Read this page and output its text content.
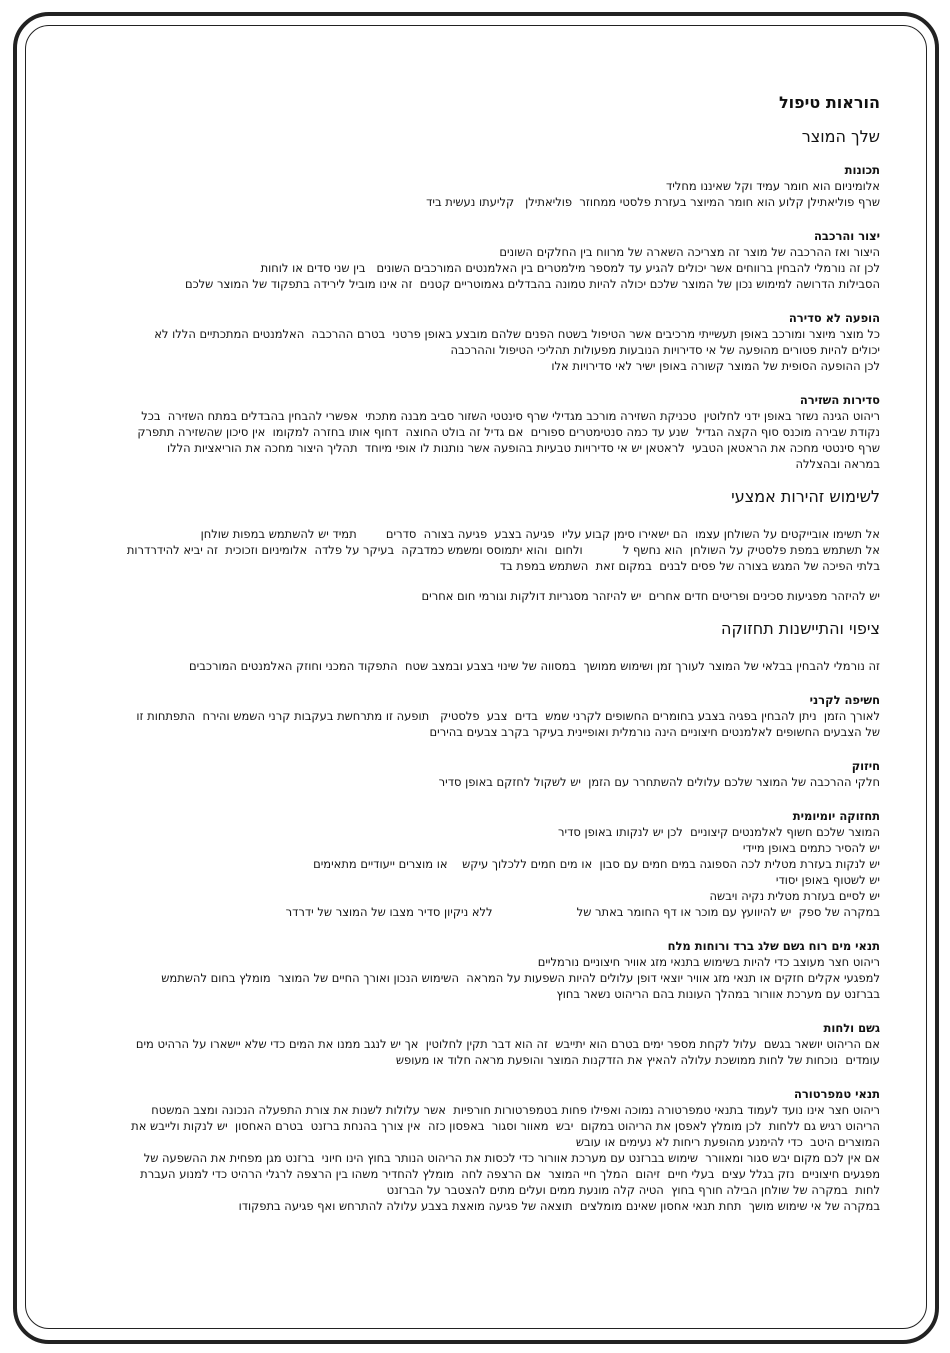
הוראות טיפול

שלך המוצר

תכונות

אלומיניום הוא חומר עמיד וקל שאיננו מחליד

שרף פוליאתילן קלוע הוא חומר המיוצר בעזרת פלסטי ממחוזר  פוליאתילן   קליעתו נעשית ביד

יצור והרכבה

היצור ואז ההרכבה של מוצר זה מצריכה השארה של מרווח בין החלקים השונים

לכן זה נורמלי להבחין ברווחים אשר יכולים להגיע עד למספר מילמטרים בין האלמנטים המורכבים השונים   בין שני סדים או לוחות

הסבילות הדרושה למימוש נכון של המוצר שלכם יכולה להיות טמונה בהבדלים גאמוטריים קטנים  זה אינו מוביל לירידה בתפקוד של המוצר שלכם

הופעה לא סדירה

כל מוצר מיוצר ומורכב באופן תעשייתי מרכיבים אשר הטיפול בשטח הפנים שלהם מובצע באופן פרטני  בטרם ההרכבה  האלמנטים המתכתיים הללו לא

יכולים להיות פטורים מהופעה של אי סדירויות הנובעות מפעולות תהליכי הטיפול וההרכבה

לכן ההופעה הסופית של המוצר קשורה באופן ישיר לאי סדירויות אלו

סדירות השזירה

ריהוט הגינה נשזר באופן ידני לחלוטין  טכניקת השזירה מורכב מגדילי שרף סינטטי השזור סביב מבנה מתכתי  אפשרי להבחין בהבדלים במתח השזירה  בכל

נקודת שבירה מוכנס סוף הקצה הגדיל  שנע עד כמה סנטימטרים ספורים  אם גדיל זה בולט החוצה  דחוף אותו בחזרה למקומו  אין סיכון שהשזירה תתפרק

שרף סינטטי מחכה את הראטאן הטבעי  לראטאן יש אי סדירויות טבעיות בהופעה אשר נותנות לו אופי מיוחד  תהליך היצור מחכה את הוריאציות הללו

במראה ובהצללה

לשימוש זהירות אמצעי

אל תשימו אובייקטים על השולחן עצמו  הם ישאירו סימן קבוע עליו  פגיעה בצבע  פגיעה בצורה  סדרים        תמיד יש להשתמש במפות שולחן

אל תשתמש במפת פלסטיק על השולחן  הוא נחשף ל           ולחום  והוא יתמוסס ומשמש כמדבקה  בעיקר על פלדה  אלומיניום וזכוכית  זה יביא להידרדרות

בלתי הפיכה של המגש בצורה של פסים לבנים  במקום זאת  השתמש במפת בד

יש להיזהר מפגיעות סכינים ופריטים חדים אחרים  יש להיזהר מסגריות דולקות וגורמי חום אחרים

ציפוי והתיישנות תחזוקה

זה נורמלי להבחין בבלאי של המוצר לעורך זמן ושימוש ממושך  במסווה של שינוי בצבע ובמצב שטח  התפקוד המכני וחוזק האלמנטים המורכבים

חשיפה לקרני

לאורך הזמן  ניתן להבחין בפגיה בצבע בחומרים החשופים לקרני שמש  בדים  צבע  פלסטיק   תופעה זו מתרחשת בעקבות קרני השמש והירח  התפתחות זו

של הצבעים החשופים לאלמנטים חיצוניים הינה נורמלית ואופיינית בעיקר בקרב צבעים בהירים

חיזוק

חלקי ההרכבה של המוצר שלכם עלולים להשתחרר עם הזמן  יש לשקול לחזקם באופן סדיר

תחזוקה יומיומית

המוצר שלכם חשוף לאלמנטים קיצוניים  לכן יש לנקותו באופן סדיר

יש להסיר כתמים באופן מיידי

יש לנקות בעזרת מטלית לכה הספוגה במים חמים עם סבון  או מים חמים ללכלוך עיקש    או מוצרים ייעודיים מתאימים

יש לשטוף באופן יסודי

יש לסיים בעזרת מטלית נקיה ויבשה

במקרה של ספק  יש להיוועץ עם מוכר או דף החומר באתר של                       ללא ניקיון סדיר מצבו של המוצר של ידרדר

תנאי מים רוח גשם שלג ברד ורוחות מלח

ריהוט חצר מעוצב כדי להיות בשימוש בתנאי מזג אוויר חיצוניים נורמליים

למפגעי אקלים חזקים או תנאי מזג אוויר יוצאי דופן עלולים להיות השפעות על המראה  השימוש הנכון ואורך החיים של המוצר  מומלץ בחום להשתמש

בברזנט עם מערכת אוורור במהלך העונות בהם הריהוט נשאר בחוץ

גשם ולחות

אם הריהוט יושאר בגשם  עלול לקחת מספר ימים בטרם הוא יתייבש  זה הוא דבר תקין לחלוטין  אך יש לנגב ממנו את המים כדי שלא יישארו על הרהיט מים

עומדים  נוכחות של לחות ממושכת עלולה להאיץ את הזדקנות המוצר והופעת מראה חלוד או מעופש

תנאי טמפרטורה

ריהוט חצר אינו נועד לעמוד בתנאי טמפרטורה נמוכה ואפילו פחות בטמפרטורות חורפיות  אשר עלולות לשנות את צורת התפעלה הנכונה ומצב המשטח

הריהוט רגיש גם ללחות  לכן מומלץ לאפסן את הריהוט במקום  יבש  מאוור וסגור  באפסון כזה  אין צורך בהנחת ברזנט  בטרם האחסון  יש לנקות ולייבש את

המוצרים היטב  כדי להימנע מהופעת ריחות לא נעימים או עובש

אם אין לכם מקום יבש סגור ומאוורר  שימוש בברזנט עם מערכת אוורור כדי לכסות את הריהוט הנותר בחוץ הינו חיוני  ברזנט מגן מפחית את ההשפעה של

מפגעים חיצוניים  נזק בגלל עצים  בעלי חיים  זיהום  המלך חיי המוצר  אם הרצפה לחה  מומלץ להחדיר משהו בין הרצפה לרגלי הרהיט כדי למנוע העברת

לחות  במקרה של שולחן הבילה חורף בחוץ  הטיה קלה מונעת ממים ועלים מתים להצטבר על הברזנט

במקרה של אי שימוש מושך  תחת תנאי אחסון שאינם מומלצים  תוצאה של פגיעה מואצת בצבע עלולה להתרחש ואף פגיעה בתפקודו
